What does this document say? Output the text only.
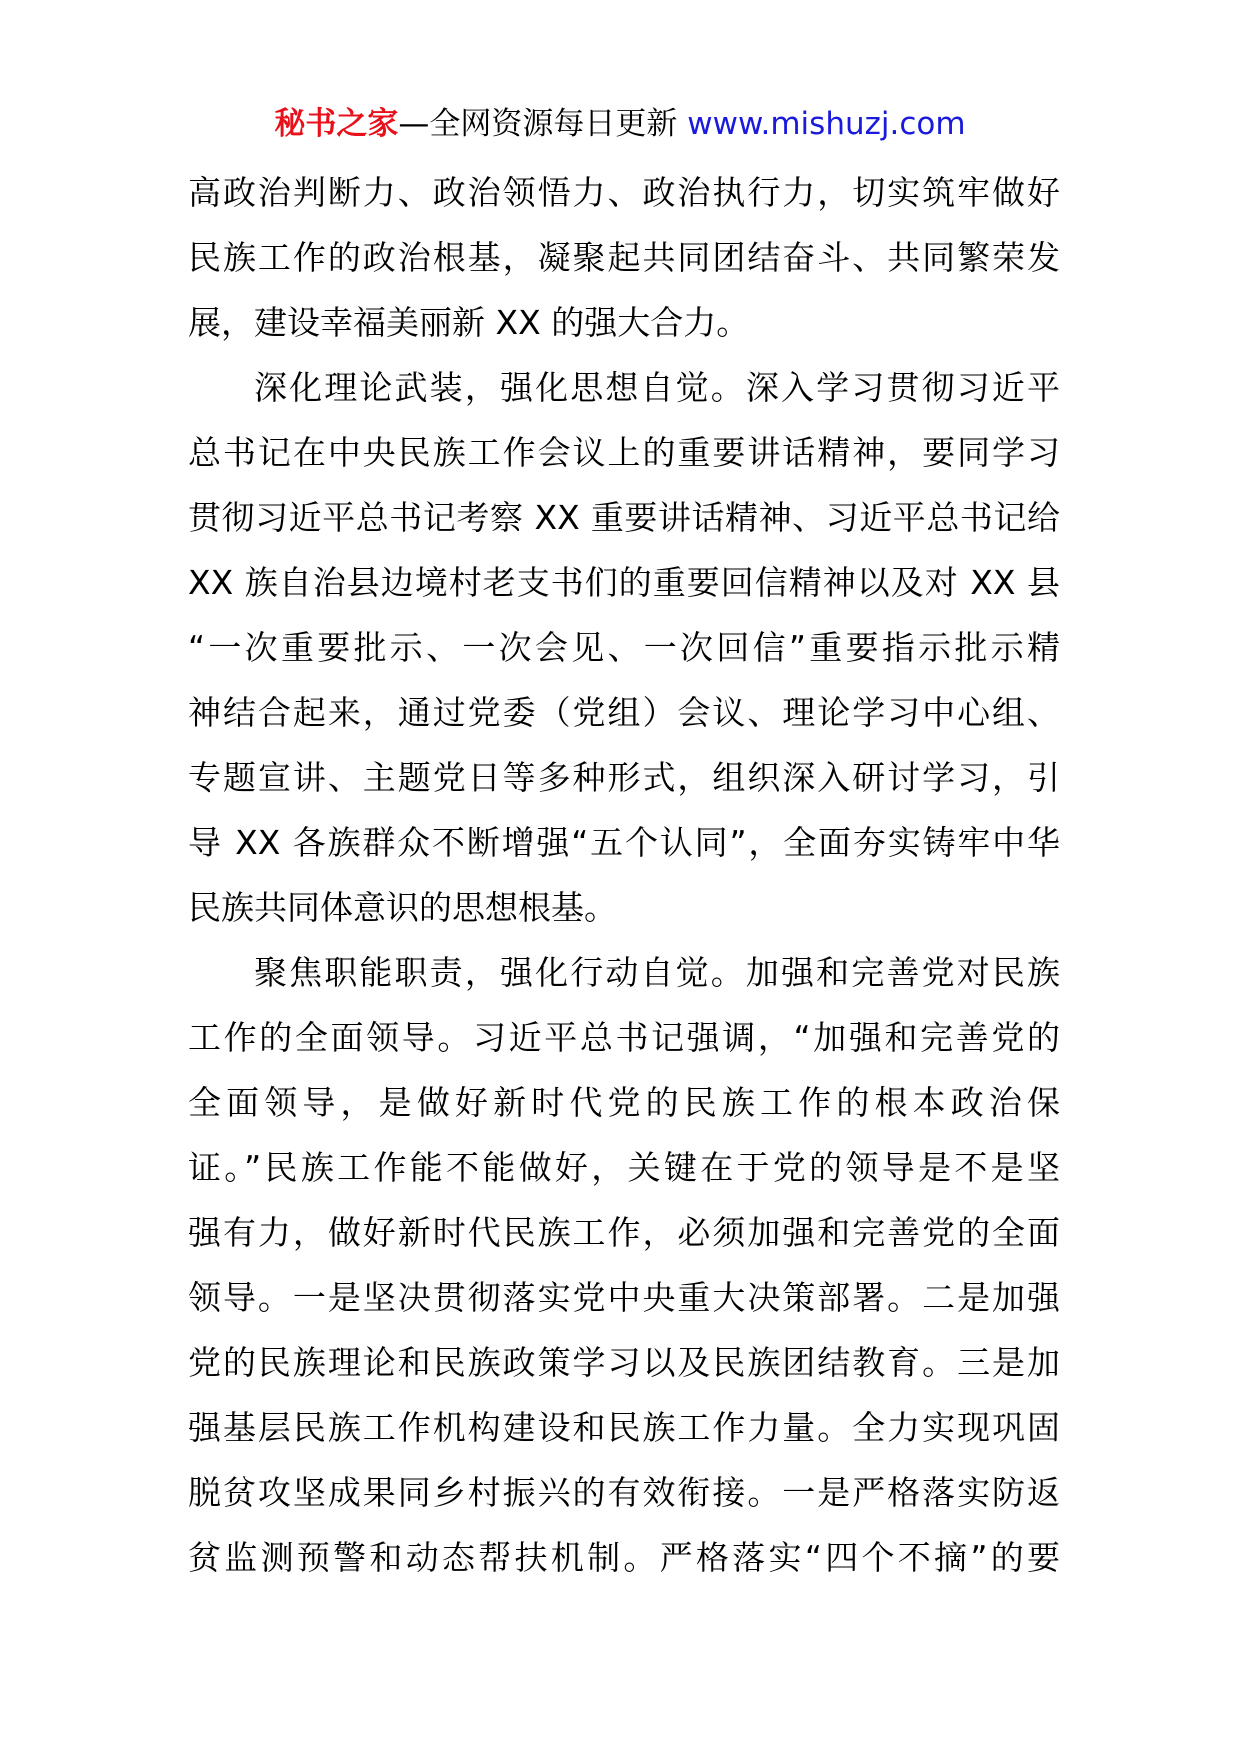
秘书之家—全网资源每日更新 www.mishuzj.com
高政治判断力、政治领悟力、政治执行力，切实筑牢做好
民族工作的政治根基，凝聚起共同团结奋斗、共同繁荣发
展，建设幸福美丽新 XX 的强大合力。
深化理论武装，强化思想自觉。深入学习贯彻习近平
总书记在中央民族工作会议上的重要讲话精神，要同学习
贯彻习近平总书记考察 XX 重要讲话精神、习近平总书记给
XX 族自治县边境村老支书们的重要回信精神以及对 XX 县
“一次重要批示、一次会见、一次回信”重要指示批示精
神结合起来，通过党委（党组）会议、理论学习中心组、
专题宣讲、主题党日等多种形式，组织深入研讨学习，引
导 XX 各族群众不断增强“五个认同”，全面夯实铸牢中华
民族共同体意识的思想根基。
聚焦职能职责，强化行动自觉。加强和完善党对民族
工作的全面领导。习近平总书记强调，“加强和完善党的
全面领导，是做好新时代党的民族工作的根本政治保
证。”民族工作能不能做好，关键在于党的领导是不是坚
强有力，做好新时代民族工作，必须加强和完善党的全面
领导。一是坚决贯彻落实党中央重大决策部署。二是加强
党的民族理论和民族政策学习以及民族团结教育。三是加
强基层民族工作机构建设和民族工作力量。全力实现巩固
脱贫攻坚成果同乡村振兴的有效衔接。一是严格落实防返
贫监测预警和动态帮扶机制。严格落实“四个不摘”的要
